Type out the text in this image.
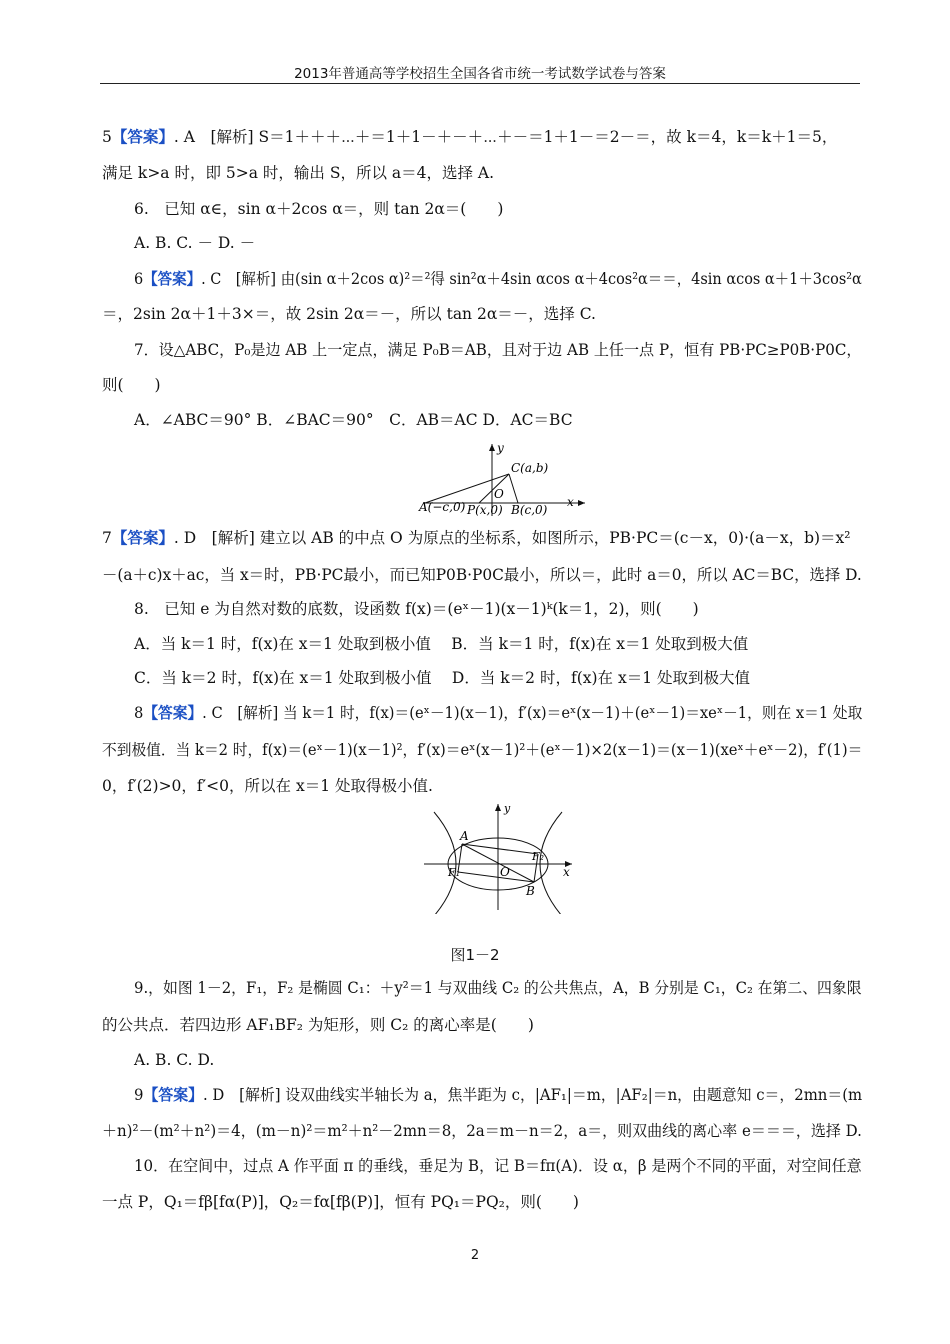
2013年普通高等学校招生全国各省市统一考试数学试卷与答案
5【答案】. A　[解析] S＝1＋＋＋⋯＋＝1＋1－＋－＋⋯＋－＝1＋1－＝2－＝，故 k＝4，k＝k＋1＝5，
满足 k>a 时，即 5>a 时，输出 S，所以 a＝4，选择 A.
6.　已知 α∈，sin α＋2cos α＝，则 tan 2α＝(　　)
A. B. C. － D. －
6【答案】. C　[解析] 由(sin α＋2cos α)²＝²得 sin²α＋4sin αcos α＋4cos²α＝＝，4sin αcos α＋1＋3cos²α
＝，2sin 2α＋1＋3×＝，故 2sin 2α＝－，所以 tan 2α＝－，选择 C.
7．设△ABC，P₀是边 AB 上一定点，满足 P₀B＝AB，且对于边 AB 上任一点 P，恒有 PB·PC≥P0B·P0C，
则(　　)
A．∠ABC＝90° B．∠BAC＝90°　C．AB＝AC D．AC＝BC
y
C(a,b)
A(−c,0) P(x,0)
O
B(c,0)
x
7【答案】. D　[解析] 建立以 AB 的中点 O 为原点的坐标系，如图所示，PB·PC＝(c－x，0)·(a－x，b)＝x²
－(a＋c)x＋ac，当 x＝时，PB·PC最小，而已知P0B·P0C最小，所以＝，此时 a＝0，所以 AC＝BC，选择 D.
8.　已知 e 为自然对数的底数，设函数 f(x)＝(eˣ－1)(x－1)ᵏ(k＝1，2)，则(　　)
A．当 k＝1 时，f(x)在 x＝1 处取到极小值　 B．当 k＝1 时，f(x)在 x＝1 处取到极大值
C．当 k＝2 时，f(x)在 x＝1 处取到极小值　 D．当 k＝2 时，f(x)在 x＝1 处取到极大值
8【答案】. C　[解析] 当 k＝1 时，f(x)＝(eˣ－1)(x－1)，f′(x)＝eˣ(x－1)＋(eˣ－1)＝xeˣ－1，则在 x＝1 处取
不到极值．当 k＝2 时，f(x)＝(eˣ－1)(x－1)²，f′(x)＝eˣ(x－1)²＋(eˣ－1)×2(x－1)＝(x－1)(xeˣ＋eˣ－2)，f′(1)＝
0，f′(2)>0，f′<0，所以在 x＝1 处取得极小值.
y
A
F₂
F₁	O	x
B
图1－2
9.，如图 1－2，F₁，F₂ 是椭圆 C₁：＋y²＝1 与双曲线 C₂ 的公共焦点，A，B 分别是 C₁，C₂ 在第二、四象限
的公共点．若四边形 AF₁BF₂ 为矩形，则 C₂ 的离心率是(　　)
A. B. C. D.
9【答案】. D　[解析] 设双曲线实半轴长为 a，焦半距为 c，|AF₁|＝m，|AF₂|＝n，由题意知 c＝，2mn＝(m
＋n)²－(m²＋n²)＝4，(m－n)²＝m²＋n²－2mn＝8，2a＝m－n＝2，a＝，则双曲线的离心率 e＝＝＝，选择 D.
10．在空间中，过点 A 作平面 π 的垂线，垂足为 B，记 B＝fπ(A)．设 α，β 是两个不同的平面，对空间任意
一点 P，Q₁＝fβ[fα(P)]，Q₂＝fα[fβ(P)]，恒有 PQ₁＝PQ₂，则(　　)
2
